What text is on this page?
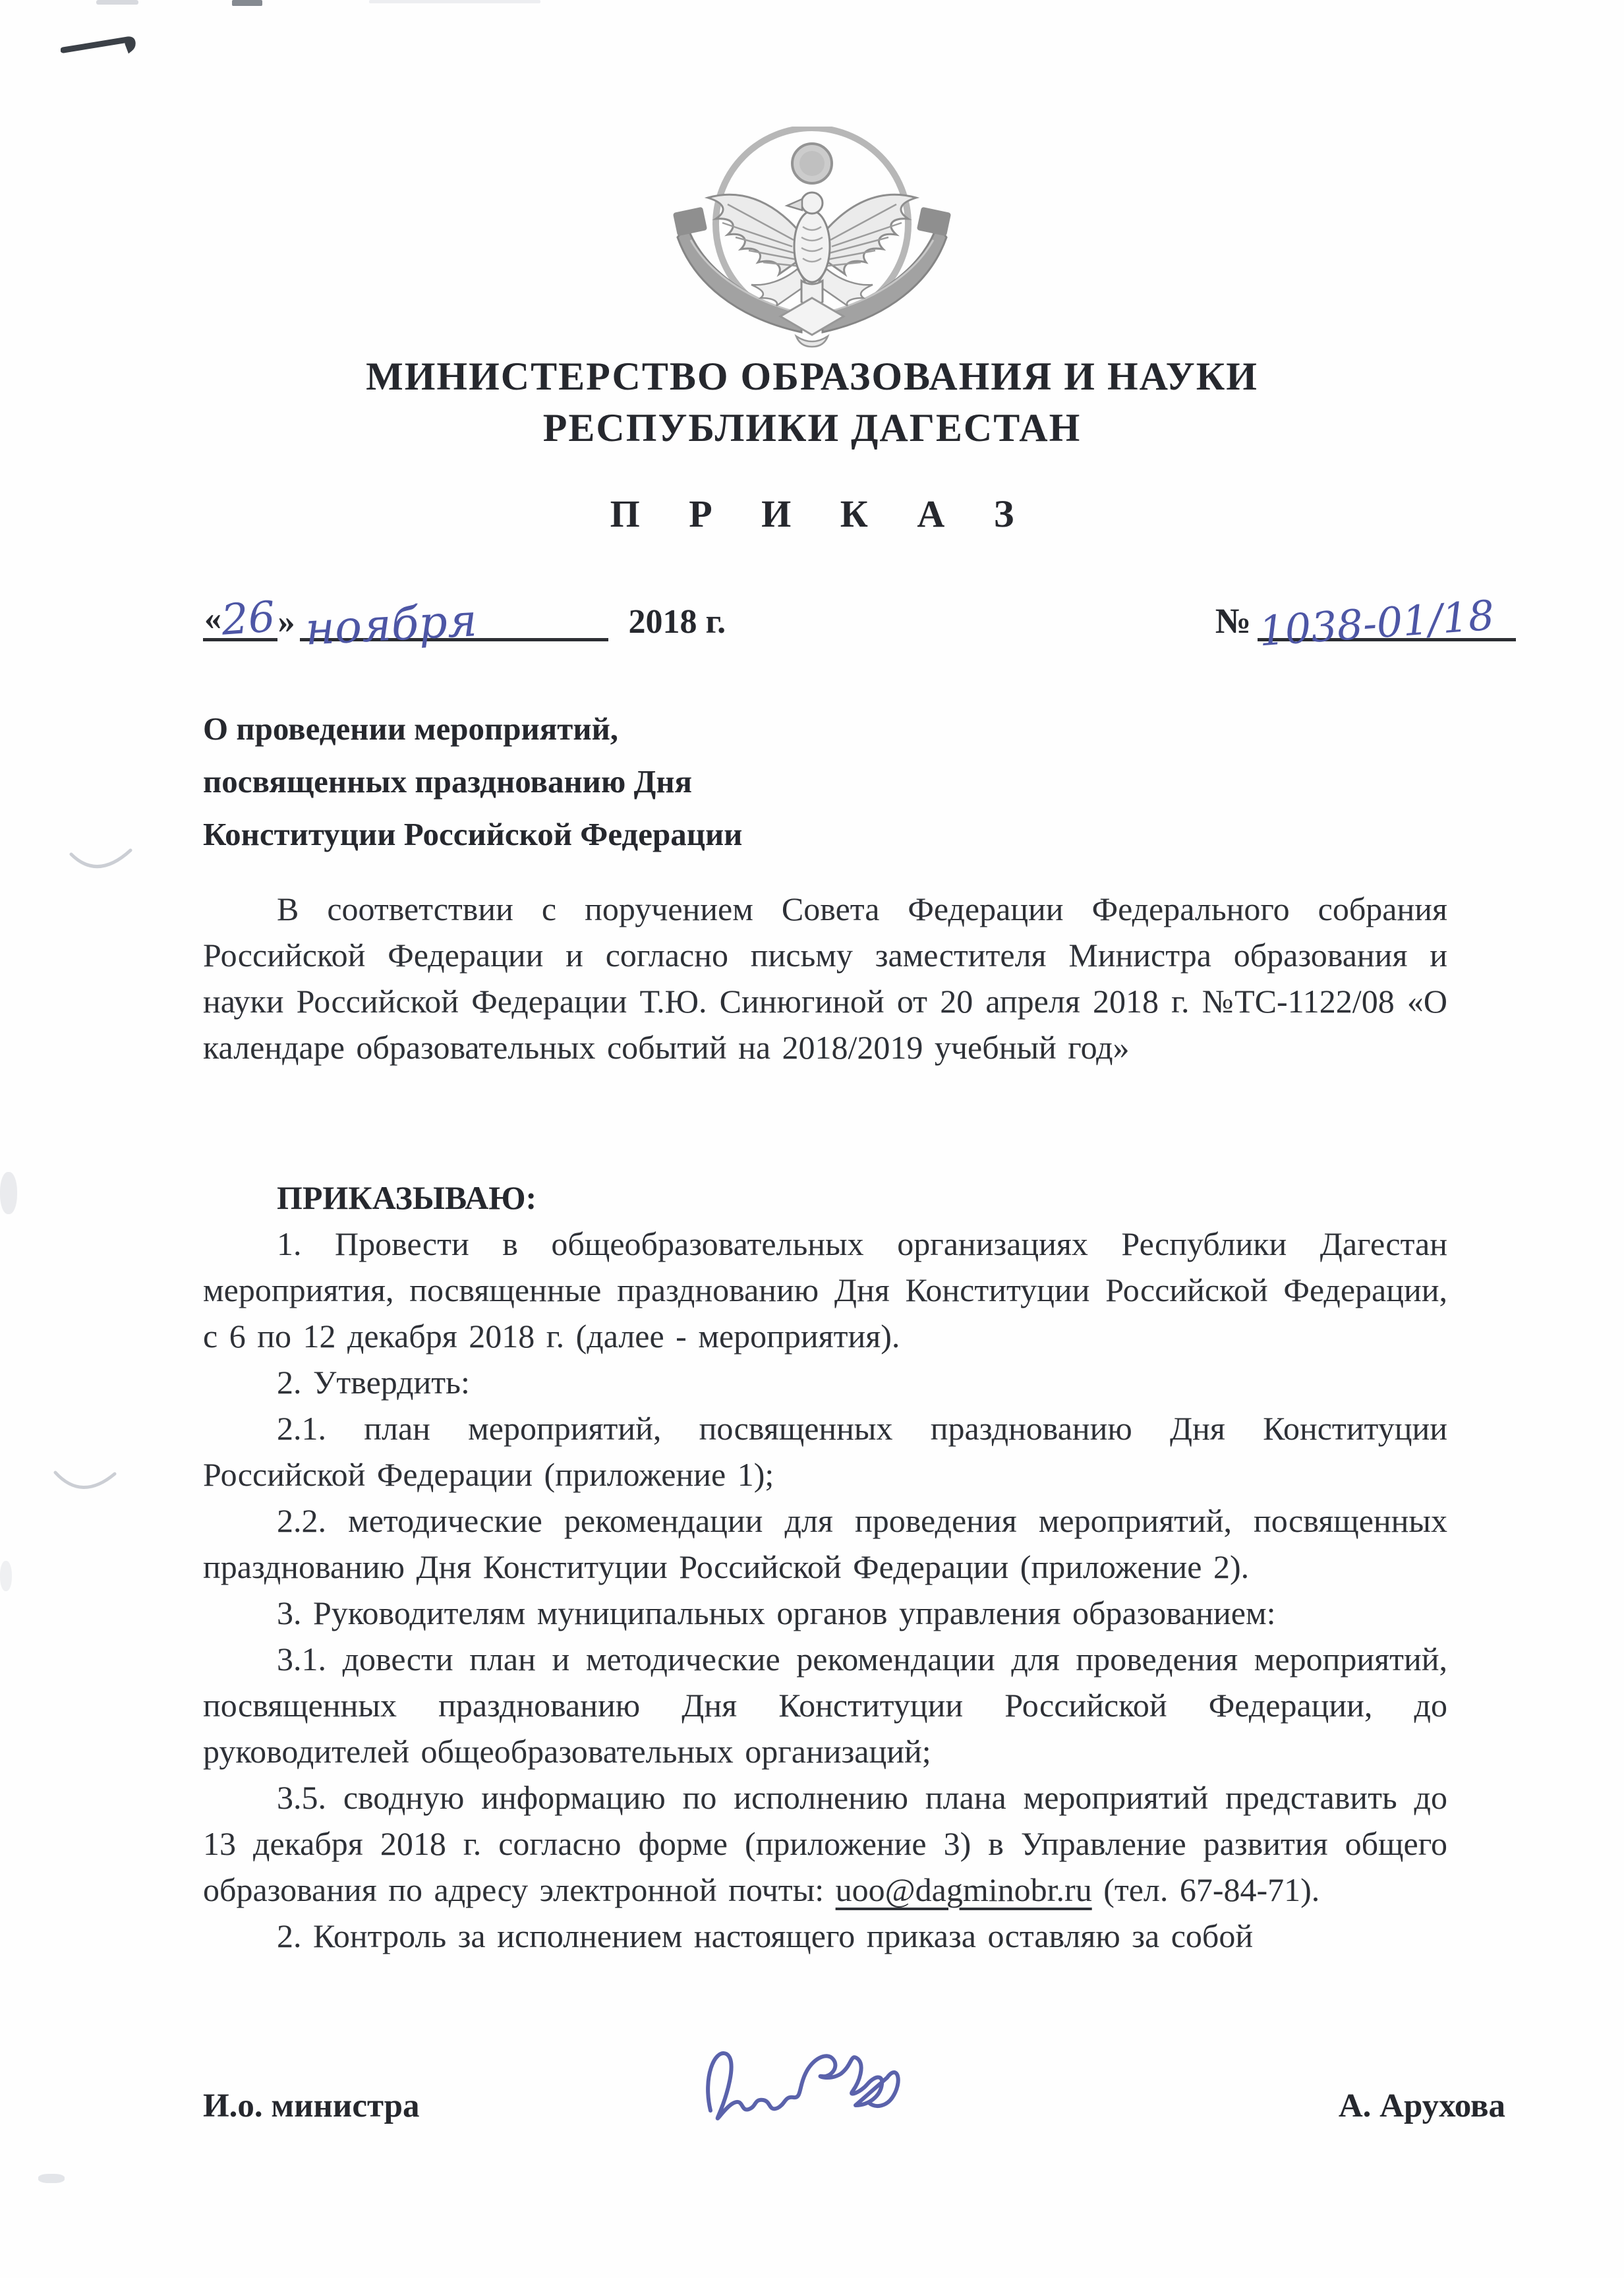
МИНИСТЕРСТВО ОБРАЗОВАНИЯ И НАУКИ
РЕСПУБЛИКИ ДАГЕСТАН
П Р И К А З
«
26 » ноября	2018 г.	№ 1038-01/18
О проведении мероприятий,
посвященных празднованию Дня
Конституции Российской Федерации
В соответствии с поручением Совета Федерации Федерального собрания Российской Федерации и согласно письму заместителя Министра образования и науки Российской Федерации Т.Ю. Синюгиной от 20 апреля 2018 г. №ТС-1122/08 «О календаре образовательных событий на 2018/2019 учебный год»

ПРИКАЗЫВАЮ:

1. Провести в общеобразовательных организациях Республики Дагестан мероприятия, посвященные празднованию Дня Конституции Российской Федерации, с 6 по 12 декабря 2018 г. (далее - мероприятия).

2. Утвердить:

2.1. план мероприятий, посвященных празднованию Дня Конституции Российской Федерации (приложение 1);

2.2. методические рекомендации для проведения мероприятий, посвященных празднованию Дня Конституции Российской Федерации (приложение 2).

3. Руководителям муниципальных органов управления образованием:

3.1. довести план и методические рекомендации для проведения мероприятий, посвященных празднованию Дня Конституции Российской Федерации, до руководителей общеобразовательных организаций;

3.5. сводную информацию по исполнению плана мероприятий представить до 13 декабря 2018 г. согласно форме (приложение 3) в Управление развития общего образования по адресу электронной почты: uoo@dagminobr.ru (тел. 67-84-71).

2. Контроль за исполнением настоящего приказа оставляю за собой

И.о. министра	А. Арухова
